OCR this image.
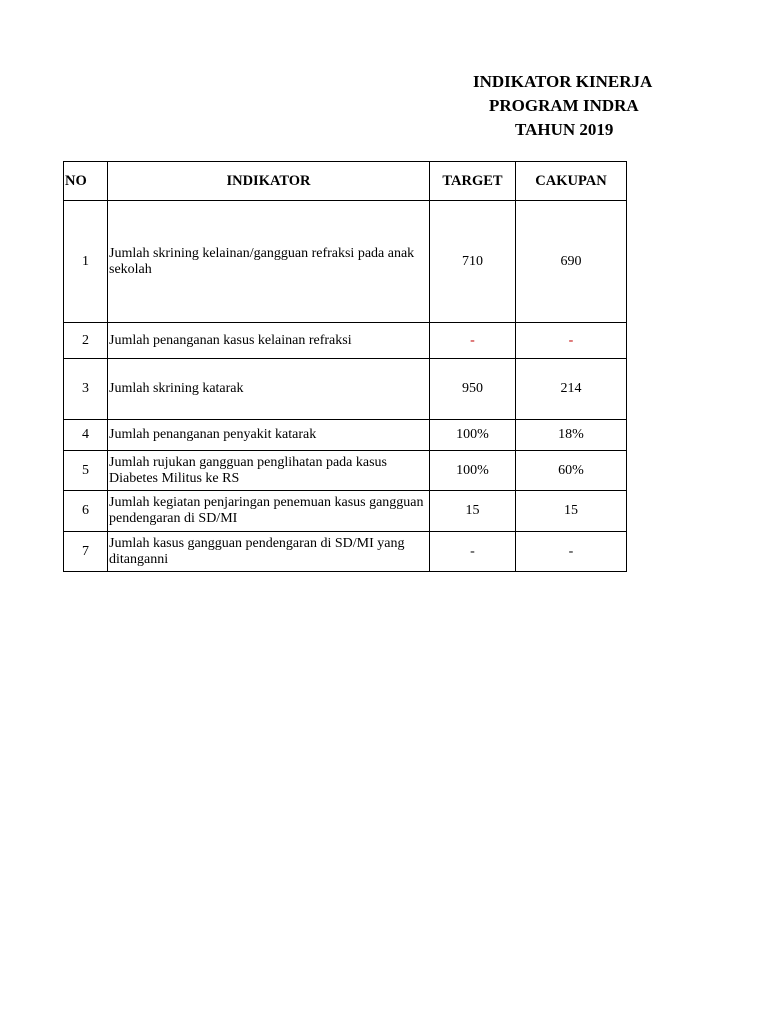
INDIKATOR KINERJA
PROGRAM INDRA
TAHUN 2019
NO	INDIKATOR	TARGET	CAKUPAN
1	Jumlah skrining kelainan/gangguan refraksi pada anak sekolah	710	690
2	Jumlah penanganan kasus kelainan refraksi	-	-
3	Jumlah skrining katarak	950	214
4	Jumlah penanganan penyakit katarak	100%	18%
5	Jumlah rujukan gangguan penglihatan pada kasus Diabetes Militus ke RS	100%	60%
6	Jumlah kegiatan penjaringan penemuan kasus gangguan pendengaran di SD/MI	15	15
7	Jumlah kasus gangguan pendengaran di SD/MI yang ditanganni	-	-
